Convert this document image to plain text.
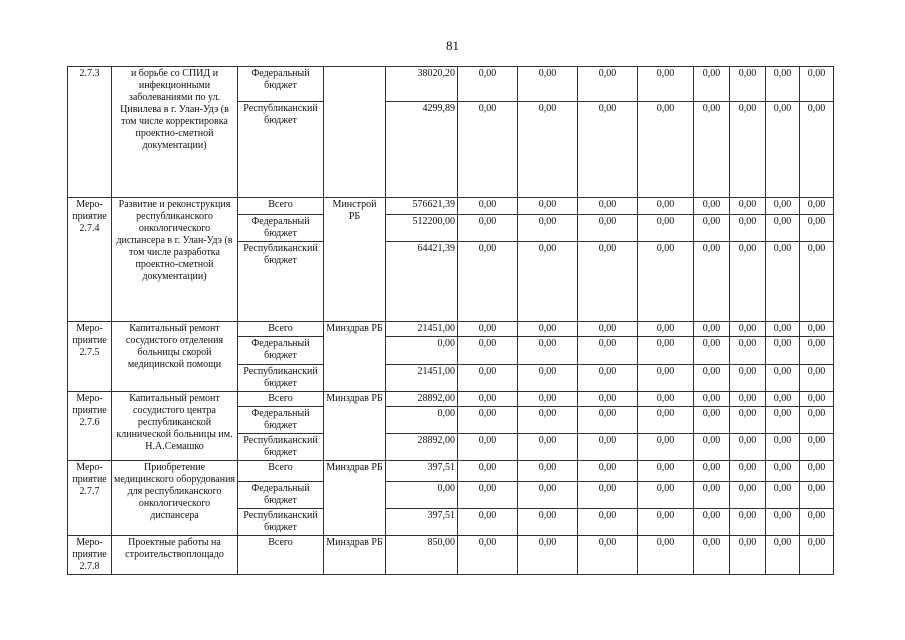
81
2.7.3	и борьбе со СПИД и инфекционными заболеваниями по ул. Цивилева в г. Улан-Удэ (в том числе корректировка проектно-сметной документации)	Федеральный бюджет		38020,20	0,00	0,00	0,00	0,00	0,00	0,00	0,00	0,00
		Республиканский бюджет		4299,89	0,00	0,00	0,00	0,00	0,00	0,00	0,00	0,00
Меро-приятие 2.7.4	Развитие и реконструкция республиканского онкологического диспансера в г. Улан-Удэ (в том числе разработка проектно-сметной документации)	Всего	Минстрой РБ	576621,39	0,00	0,00	0,00	0,00	0,00	0,00	0,00	0,00
		Федеральный бюджет		512200,00	0,00	0,00	0,00	0,00	0,00	0,00	0,00	0,00
		Республиканский бюджет		64421,39	0,00	0,00	0,00	0,00	0,00	0,00	0,00	0,00
Меро-приятие 2.7.5	Капитальный ремонт сосудистого отделения больницы скорой медицинской помощи	Всего	Минздрав РБ	21451,00	0,00	0,00	0,00	0,00	0,00	0,00	0,00	0,00
		Федеральный бюджет		0,00	0,00	0,00	0,00	0,00	0,00	0,00	0,00	0,00
		Республиканский бюджет		21451,00	0,00	0,00	0,00	0,00	0,00	0,00	0,00	0,00
Меро-приятие 2.7.6	Капитальный ремонт сосудистого центра республиканской клинической больницы им. Н.А.Семашко	Всего	Минздрав РБ	28892,00	0,00	0,00	0,00	0,00	0,00	0,00	0,00	0,00
		Федеральный бюджет		0,00	0,00	0,00	0,00	0,00	0,00	0,00	0,00	0,00
		Республиканский бюджет		28892,00	0,00	0,00	0,00	0,00	0,00	0,00	0,00	0,00
Меро-приятие 2.7.7	Приобретение медицинского оборудования для республиканского онкологического диспансера	Всего	Минздрав РБ	397,51	0,00	0,00	0,00	0,00	0,00	0,00	0,00	0,00
		Федеральный бюджет		0,00	0,00	0,00	0,00	0,00	0,00	0,00	0,00	0,00
		Республиканский бюджет		397,51	0,00	0,00	0,00	0,00	0,00	0,00	0,00	0,00
Меро-приятие 2.7.8	Проектные работы на строительствоплощадо	Всего	Минздрав РБ	850,00	0,00	0,00	0,00	0,00	0,00	0,00	0,00	0,00
